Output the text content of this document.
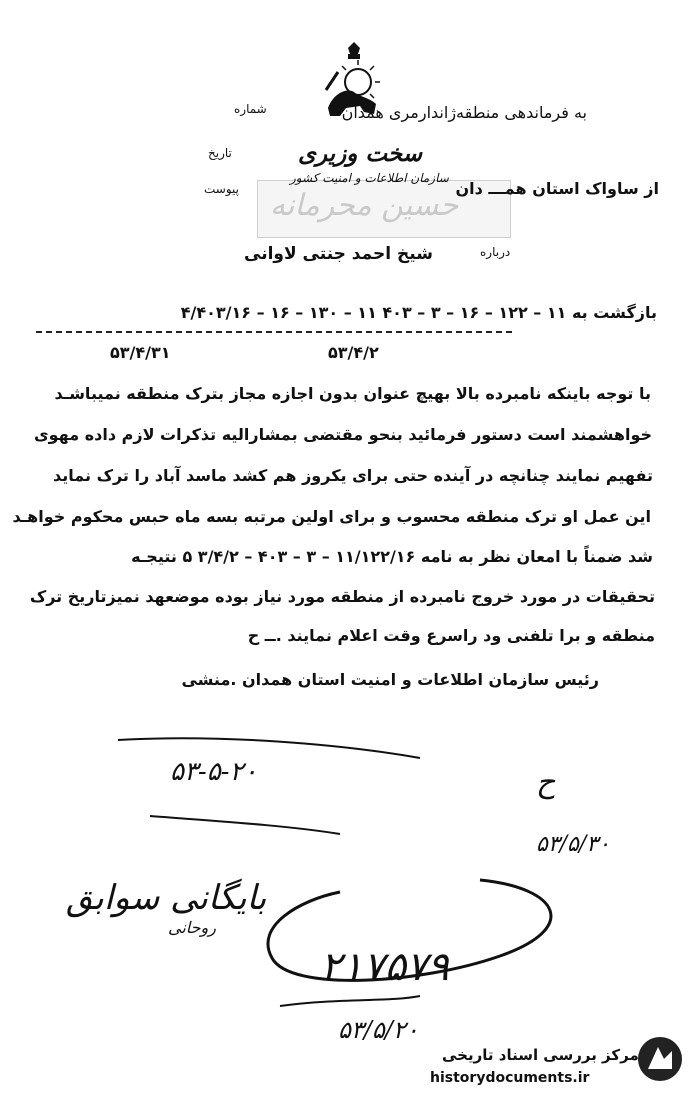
به فرماندهی منطقه‌ژاندارمری همدان
شماره
تاریخ
پیوست
سخت وزیری
حسین محرمانه
از ساواک استان همـــ دان
سازمان اطلاعات و امنیت کشور
درباره
شیخ احمد جنتی لاوانی
بازگشت به ۱۱ – ۱۲۲ – ۱۶ – ۳ – ۴۰۳ ۱۱ – ۱۳۰ – ۱۶ – ۴/۴۰۳/۱۶
۵۳/۴/۲
۵۳/۴/۳۱
با توجه باینکه نامبرده بالا بهیچ عنوان بدون اجازه مجاز بترک منطقه نمیباشـد
خواهشمند است دستور فرمائید بنحو مقتضی بمشارالیه تذکرات لازم داده مهوی
تفهیم نمایند چنانچه در آینده حتی برای یکروز هم کشد ماسد آباد را ترک نماید
این عمل او ترک منطقه محسوب و برای اولین مرتبه بسه ماه حبس محکوم خواهـد
شد ضمناً با امعان نظر به نامه ۱۱/۱۲۲/۱۶ – ۳ – ۴۰۳ – ۳/۴/۲ ۵ نتیجـه
تحقیقات در مورد خروج نامبرده از منطقه مورد نیاز بوده موضعهد نمیزتاریخ ترک
منطقه و برا تلفنی ود راسرع وقت اعلام نمایند .ــ ح
رئیس سازمان اطلاعات و امنیت استان همدان .منشی
۵۳-۵-۲۰	ح
۵۳/۵/۳۰
بایگانی سوابق
روحانی
۲۱۷۵۷۹
۵۳/۵/۲۰
مرکز بررسی اسناد تاریخی
historydocuments.ir
